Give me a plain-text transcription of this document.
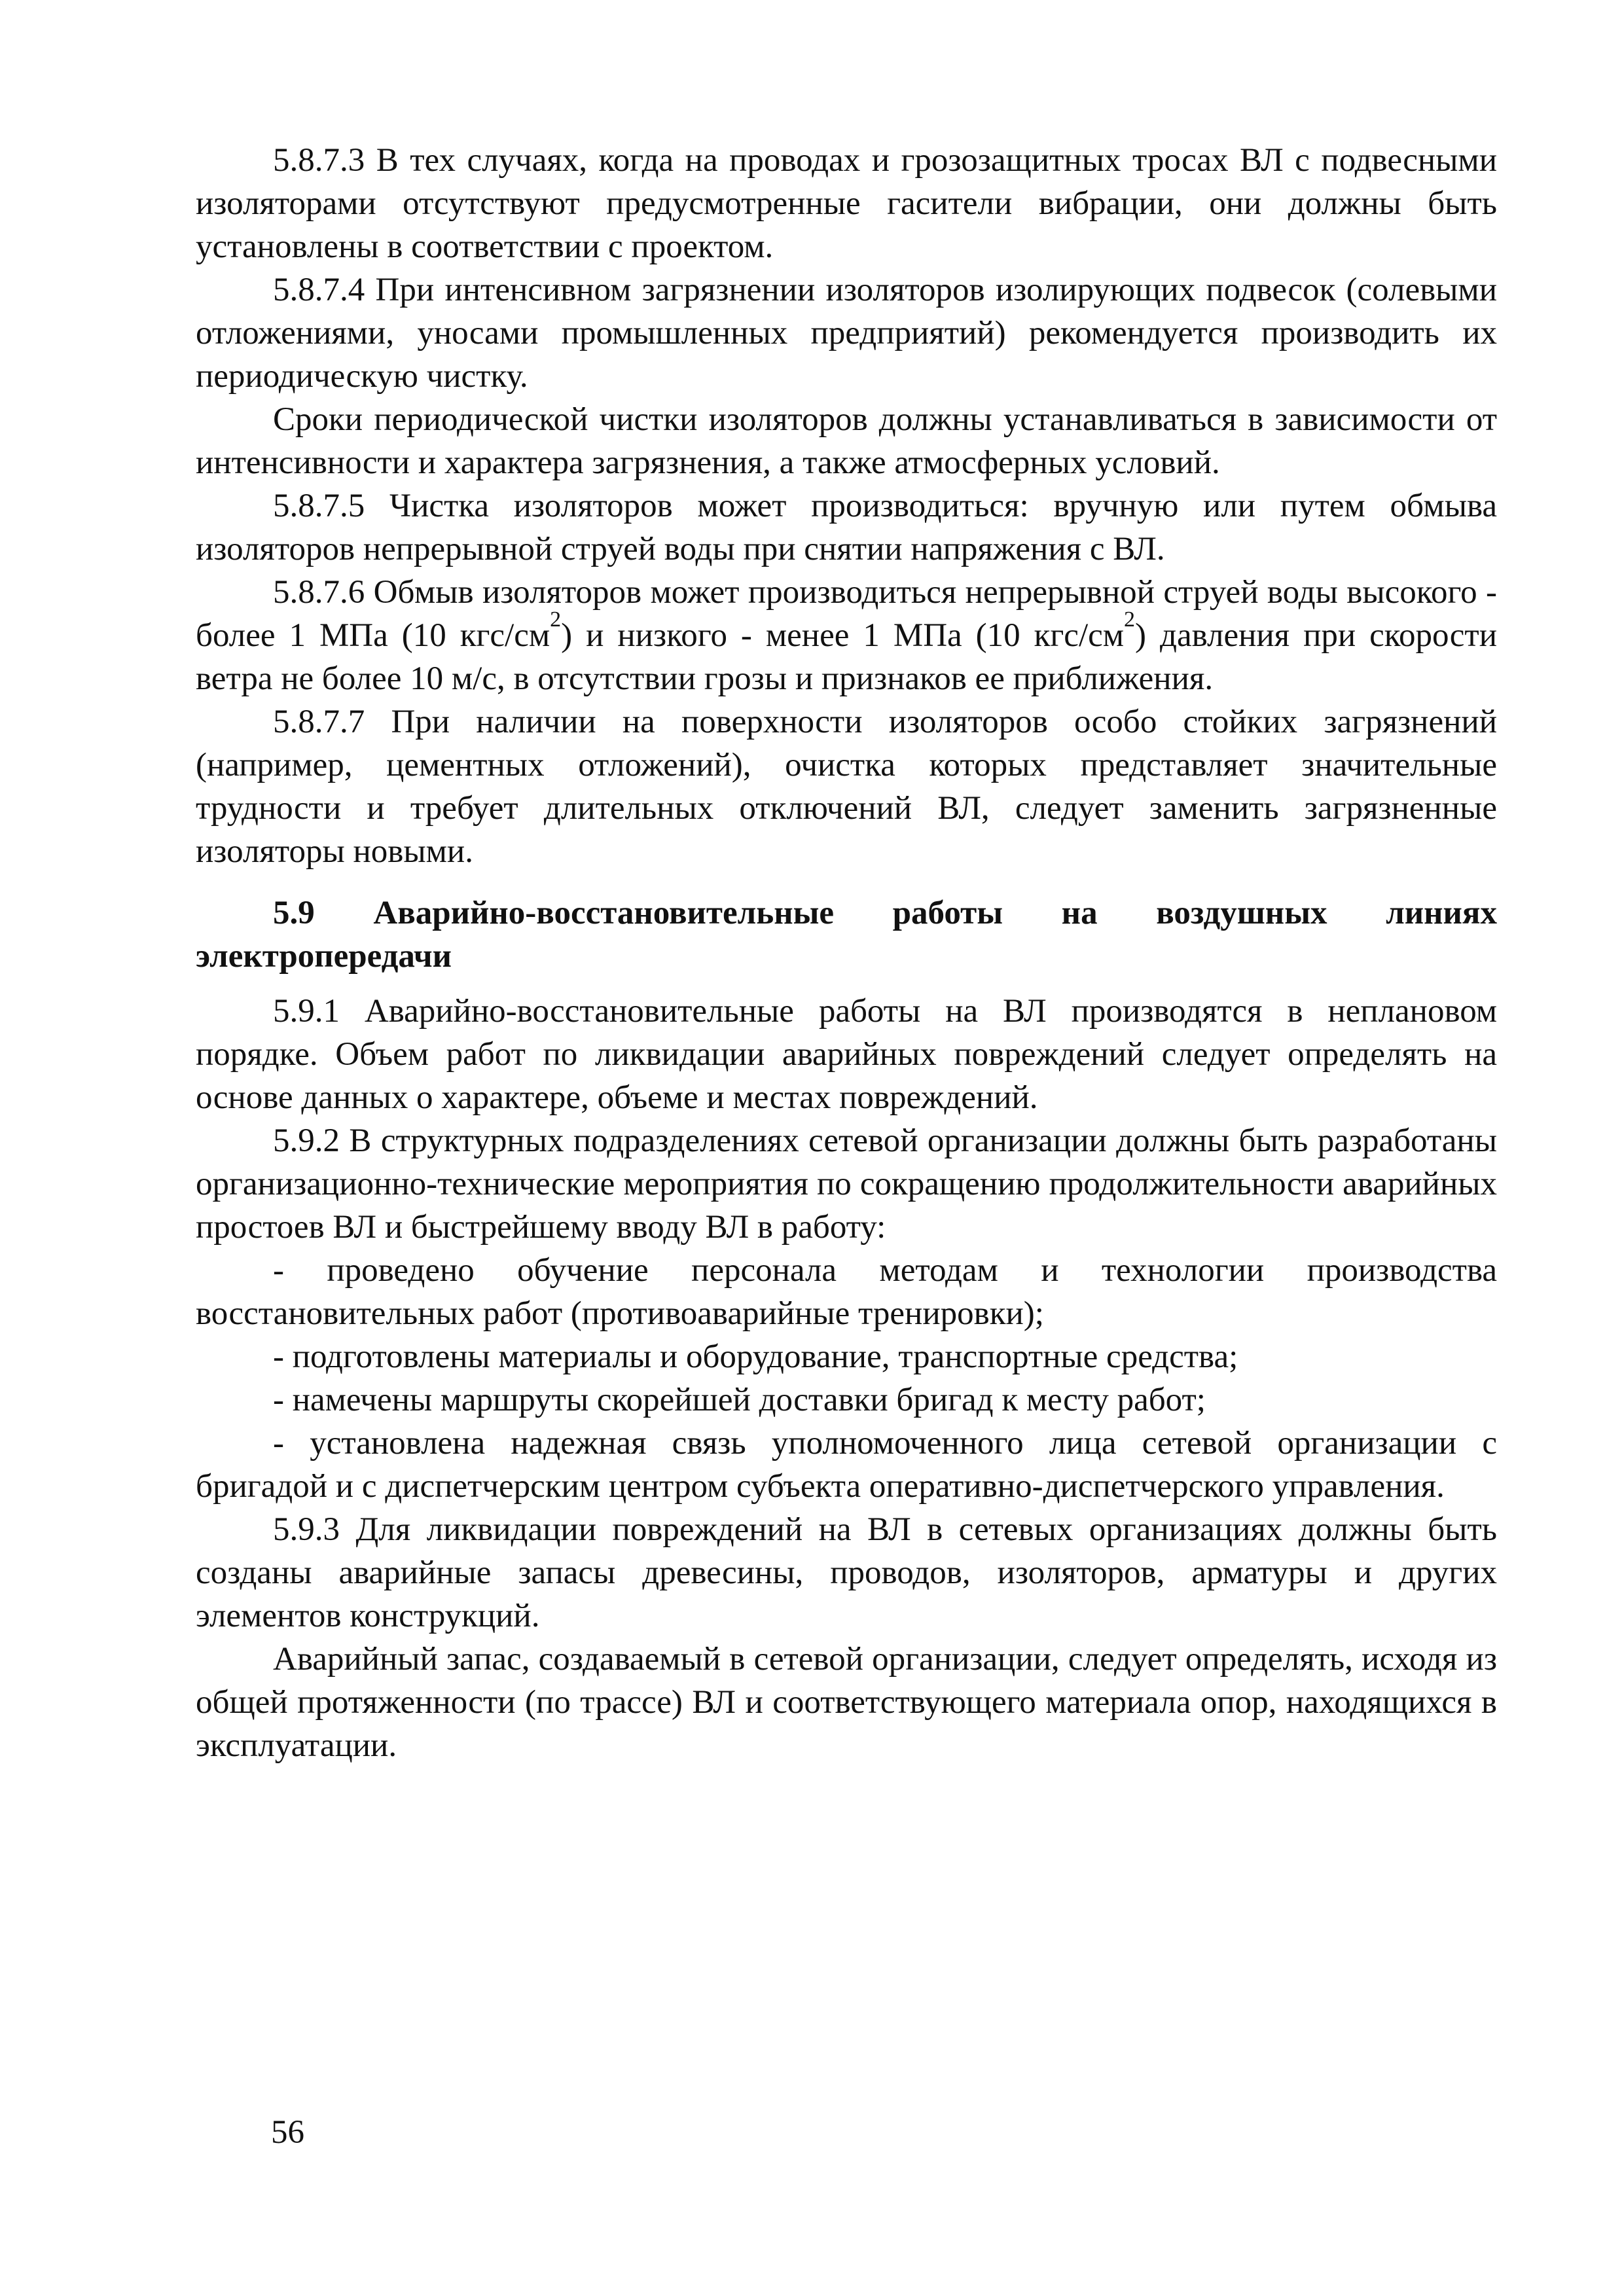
5.8.7.3 В тех случаях, когда на проводах и грозозащитных тросах ВЛ с подвесными изоляторами отсутствуют предусмотренные гасители вибрации, они должны быть установлены в соответствии с проектом.

5.8.7.4 При интенсивном загрязнении изоляторов изолирующих подвесок (солевыми отложениями, уносами промышленных предприятий) рекомендуется производить их периодическую чистку.

Сроки периодической чистки изоляторов должны устанавливаться в зависимости от интенсивности и характера загрязнения, а также атмосферных условий.

5.8.7.5 Чистка изоляторов может производиться: вручную или путем обмыва изоляторов непрерывной струей воды при снятии напряжения с ВЛ.

5.8.7.6 Обмыв изоляторов может производиться непрерывной струей воды высокого - более 1 МПа (10 кгс/$см^2$) и низкого - менее 1 МПа (10 кгс/$см^2$) давления при скорости ветра не более 10 м/с, в отсутствии грозы и признаков ее приближения.

5.8.7.7 При наличии на поверхности изоляторов особо стойких загрязнений (например, цементных отложений), очистка которых представляет значительные трудности и требует длительных отключений ВЛ, следует заменить загрязненные изоляторы новыми.

5.9 Аварийно-восстановительные работы на воздушных линиях электропередачи

5.9.1 Аварийно-восстановительные работы на ВЛ производятся в неплановом порядке. Объем работ по ликвидации аварийных повреждений следует определять на основе данных о характере, объеме и местах повреждений.

5.9.2 В структурных подразделениях сетевой организации должны быть разработаны организационно-технические мероприятия по сокращению продолжительности аварийных простоев ВЛ и быстрейшему вводу ВЛ в работу:

- проведено обучение персонала методам и технологии производства восстановительных работ (противоаварийные тренировки);

- подготовлены материалы и оборудование, транспортные средства;

- намечены маршруты скорейшей доставки бригад к месту работ;

- установлена надежная связь уполномоченного лица сетевой организации с бригадой и с диспетчерским центром субъекта оперативно-диспетчерского управления.

5.9.3 Для ликвидации повреждений на ВЛ в сетевых организациях должны быть созданы аварийные запасы древесины, проводов, изоляторов, арматуры и других элементов конструкций.

Аварийный запас, создаваемый в сетевой организации, следует определять, исходя из общей протяженности (по трассе) ВЛ и соответствующего материала опор, находящихся в эксплуатации.

56
